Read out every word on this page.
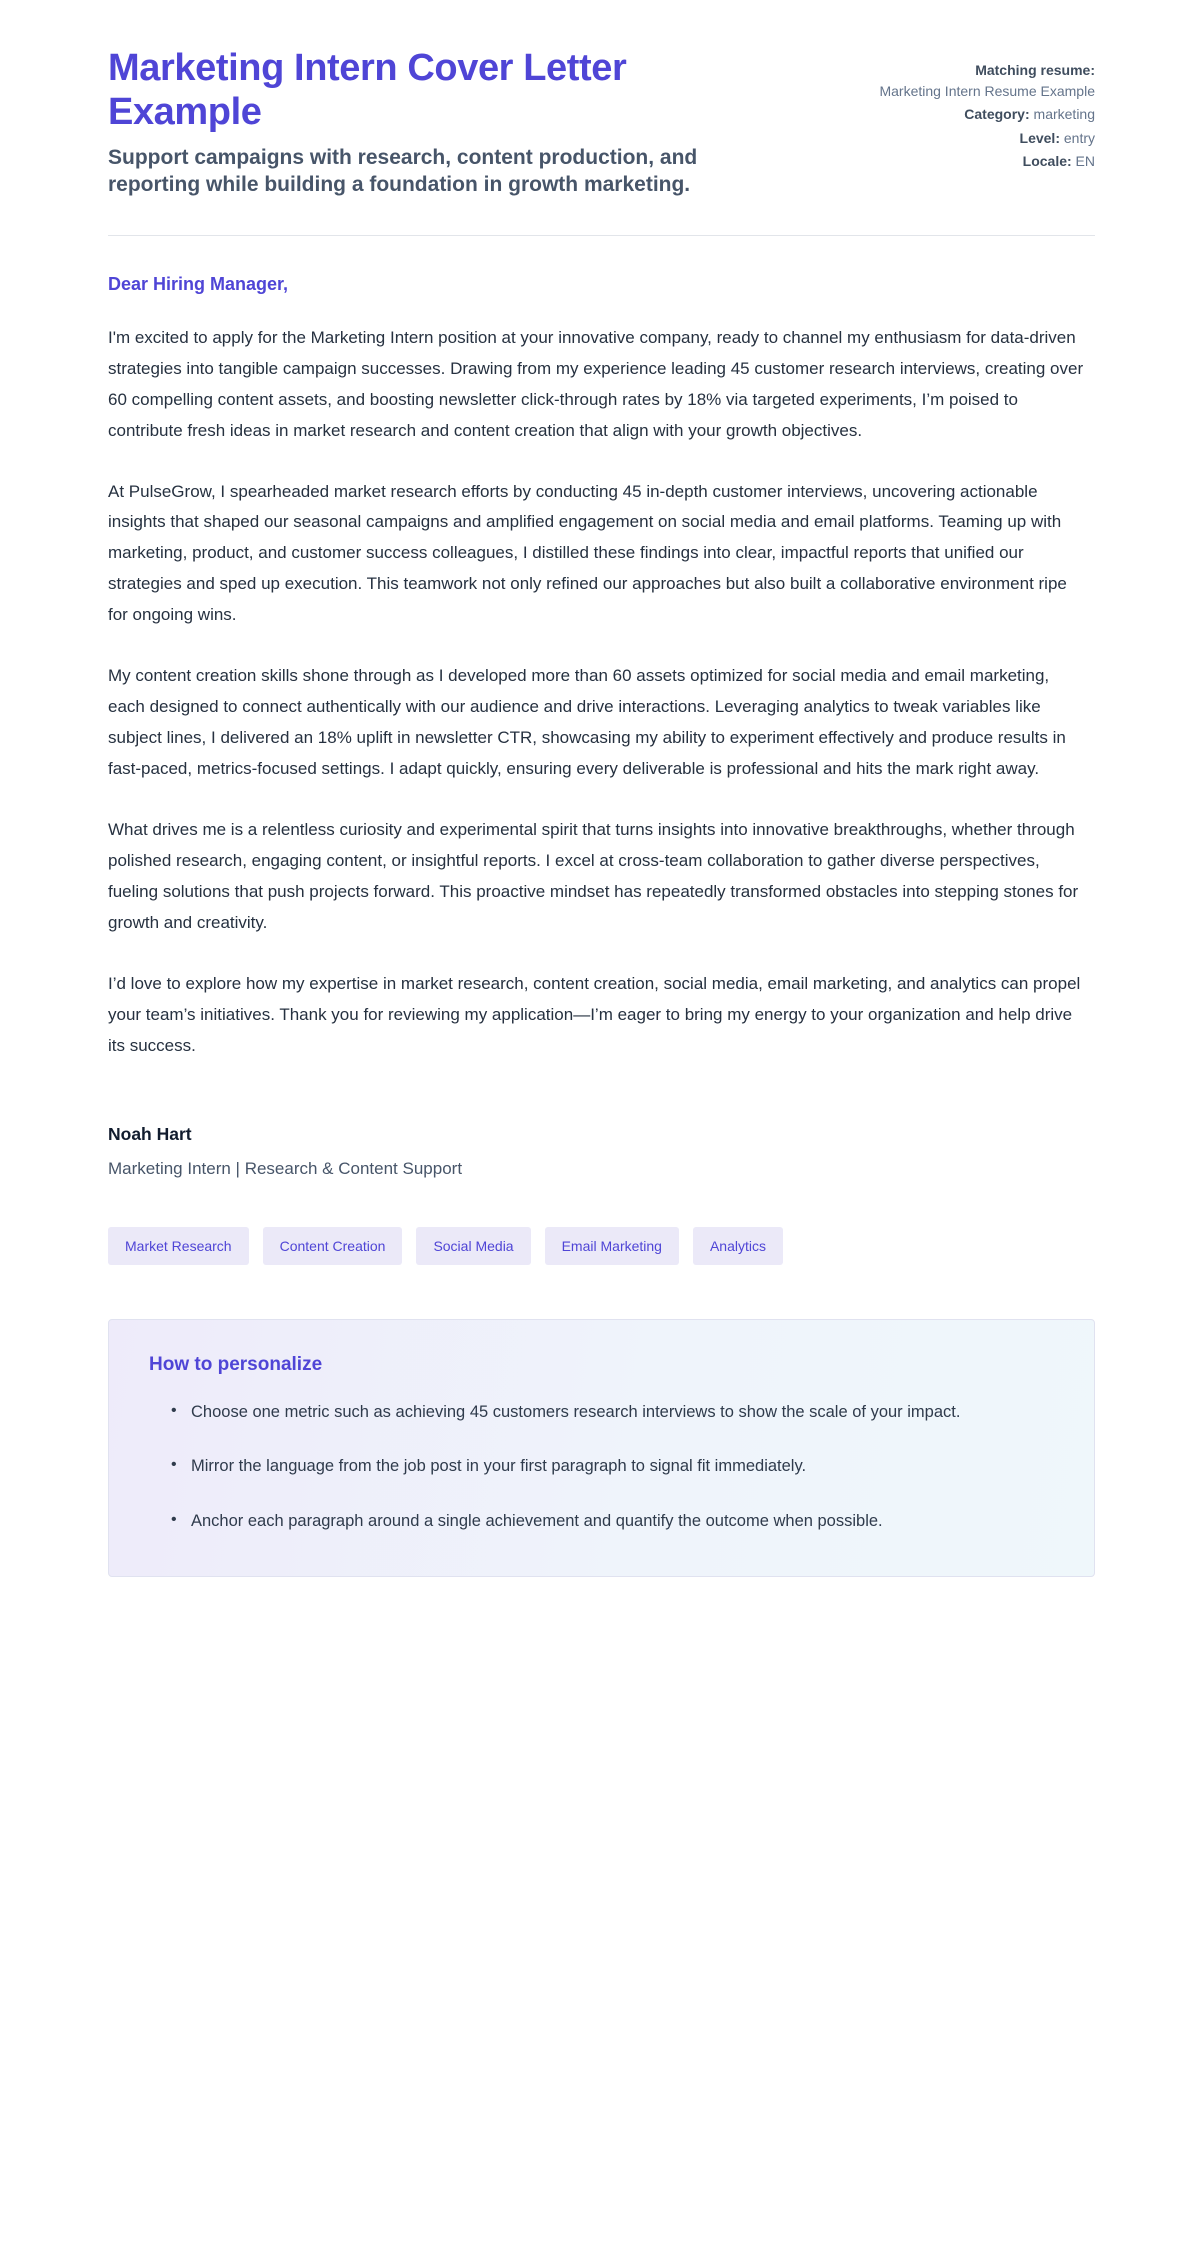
Marketing Intern Cover Letter Example

Support campaigns with research, content production, and reporting while building a foundation in growth marketing.

Matching resume:
Marketing Intern Resume Example

Category: marketing

Level: entry

Locale: EN

Dear Hiring Manager,

I'm excited to apply for the Marketing Intern position at your innovative company, ready to channel my enthusiasm for data-driven strategies into tangible campaign successes. Drawing from my experience leading 45 customer research interviews, creating over 60 compelling content assets, and boosting newsletter click-through rates by 18% via targeted experiments, I’m poised to contribute fresh ideas in market research and content creation that align with your growth objectives.

At PulseGrow, I spearheaded market research efforts by conducting 45 in-depth customer interviews, uncovering actionable insights that shaped our seasonal campaigns and amplified engagement on social media and email platforms. Teaming up with marketing, product, and customer success colleagues, I distilled these findings into clear, impactful reports that unified our strategies and sped up execution. This teamwork not only refined our approaches but also built a collaborative environment ripe for ongoing wins.

My content creation skills shone through as I developed more than 60 assets optimized for social media and email marketing, each designed to connect authentically with our audience and drive interactions. Leveraging analytics to tweak variables like subject lines, I delivered an 18% uplift in newsletter CTR, showcasing my ability to experiment effectively and produce results in fast-paced, metrics-focused settings. I adapt quickly, ensuring every deliverable is professional and hits the mark right away.

What drives me is a relentless curiosity and experimental spirit that turns insights into innovative breakthroughs, whether through polished research, engaging content, or insightful reports. I excel at cross-team collaboration to gather diverse perspectives, fueling solutions that push projects forward. This proactive mindset has repeatedly transformed obstacles into stepping stones for growth and creativity.

I’d love to explore how my expertise in market research, content creation, social media, email marketing, and analytics can propel your team’s initiatives. Thank you for reviewing my application—I’m eager to bring my energy to your organization and help drive its success.

Noah Hart

Marketing Intern | Research & Content Support

Market Research	Content Creation	Social Media	Email Marketing	Analytics
How to personalize
• Choose one metric such as achieving 45 customers research interviews to show the scale of your impact.
• Mirror the language from the job post in your first paragraph to signal fit immediately.
• Anchor each paragraph around a single achievement and quantify the outcome when possible.
